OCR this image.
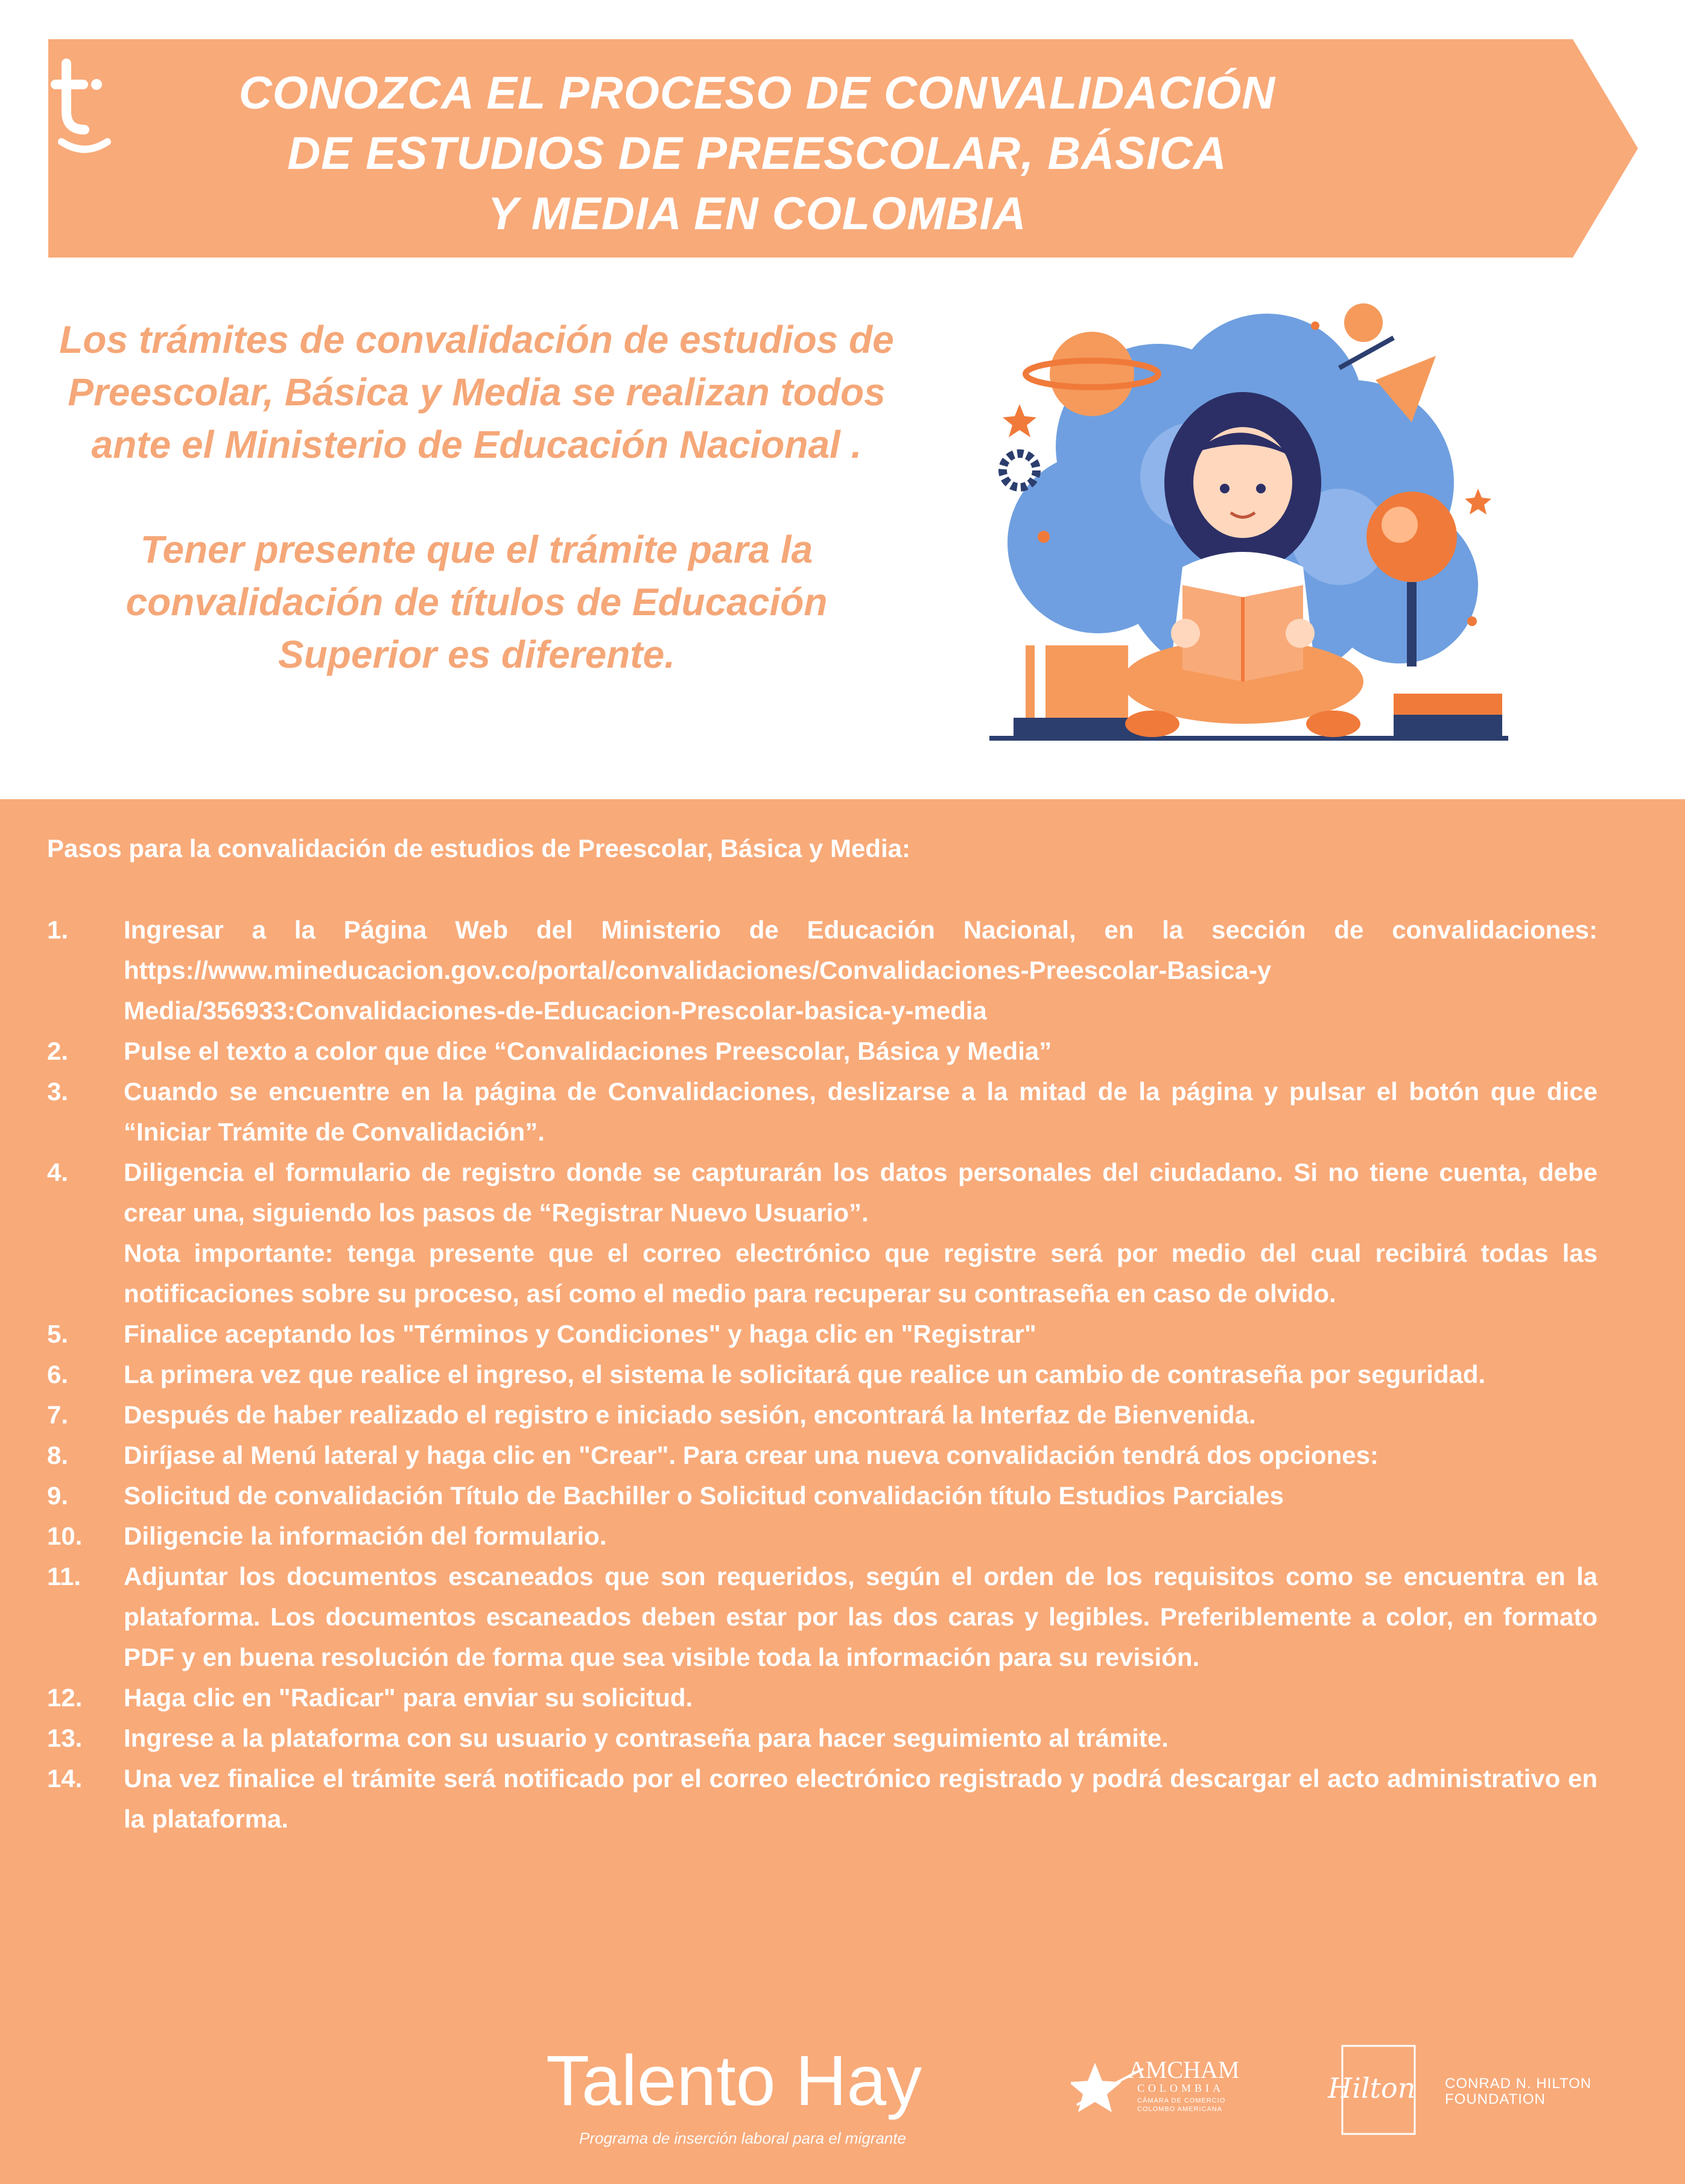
CONOZCA EL PROCESO DE CONVALIDACIÓN
DE ESTUDIOS DE PREESCOLAR, BÁSICA
Y MEDIA EN COLOMBIA

Los trámites de convalidación de estudios de Preescolar, Básica y Media se realizan todos ante el Ministerio de Educación Nacional .

Tener presente que el trámite para la convalidación de títulos de Educación Superior es diferente.

Pasos para la convalidación de estudios de Preescolar, Básica y Media:
1. Ingresar a la Página Web del Ministerio de Educación Nacional, en la sección de convalidaciones: https://www.mineducacion.gov.co/portal/convalidaciones/Convalidaciones-Preescolar-Basica-y Media/356933:Convalidaciones-de-Educacion-Prescolar-basica-y-media
2. Pulse el texto a color que dice “Convalidaciones Preescolar, Básica y Media”
3. Cuando se encuentre en la página de Convalidaciones, deslizarse a la mitad de la página y pulsar el botón que dice “Iniciar Trámite de Convalidación”.
4. Diligencia el formulario de registro donde se capturarán los datos personales del ciudadano. Si no tiene cuenta, debe crear una, siguiendo los pasos de “Registrar Nuevo Usuario”.
Nota importante: tenga presente que el correo electrónico que registre será por medio del cual recibirá todas las notificaciones sobre su proceso, así como el medio para recuperar su contraseña en caso de olvido.
5. Finalice aceptando los "Términos y Condiciones" y haga clic en "Registrar"
6. La primera vez que realice el ingreso, el sistema le solicitará que realice un cambio de contraseña por seguridad.
7. Después de haber realizado el registro e iniciado sesión, encontrará la Interfaz de Bienvenida.
8. Diríjase al Menú lateral y haga clic en "Crear". Para crear una nueva convalidación tendrá dos opciones:
9. Solicitud de convalidación Título de Bachiller o Solicitud convalidación título Estudios Parciales
10. Diligencie la información del formulario.
11. Adjuntar los documentos escaneados que son requeridos, según el orden de los requisitos como se encuentra en la plataforma. Los documentos escaneados deben estar por las dos caras y legibles. Preferiblemente a color, en formato PDF y en buena resolución de forma que sea visible toda la información para su revisión.
12. Haga clic en "Radicar" para enviar su solicitud.
13. Ingrese a la plataforma con su usuario y contraseña para hacer seguimiento al trámite.
14. Una vez finalice el trámite será notificado por el correo electrónico registrado y podrá descargar el acto administrativo en la plataforma.
Talento Hay
Programa de inserción laboral para el migrante
AMCHAM
COLOMBIA
CÁMARA DE COMERCIO
COLOMBO AMERICANA
Hilton CONRAD N. HILTON
FOUNDATION
